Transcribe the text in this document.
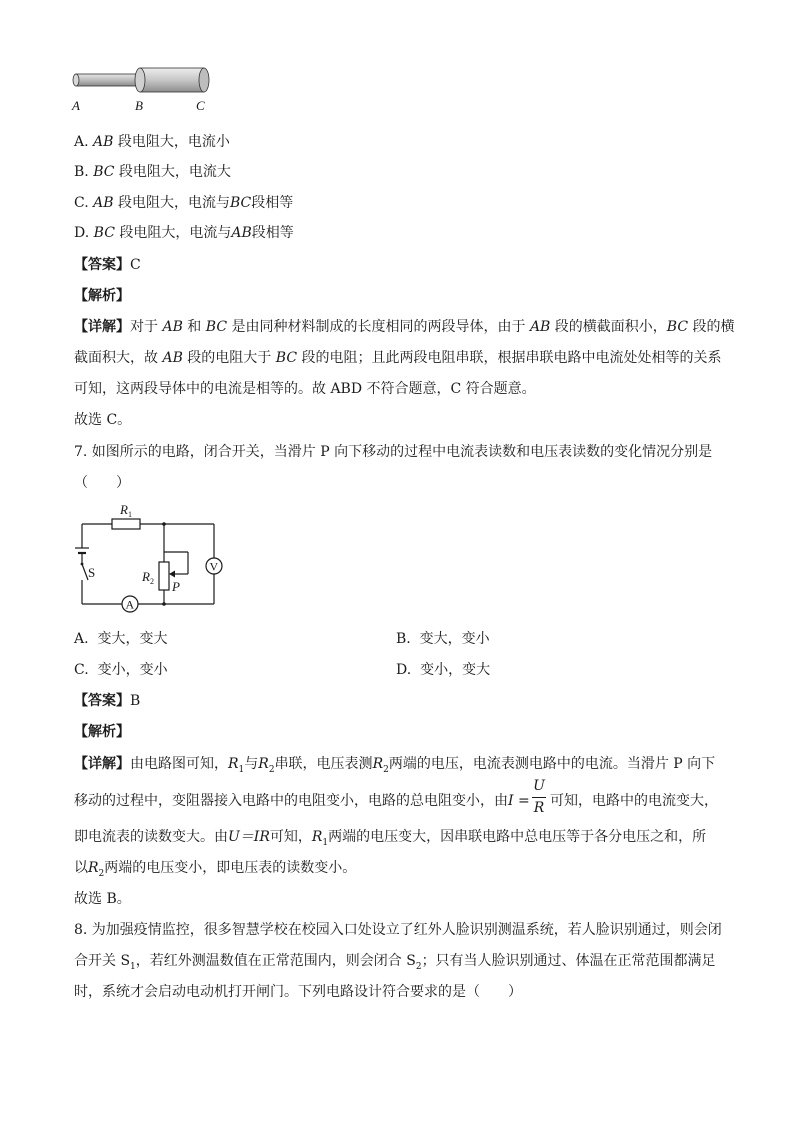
A	B	C
A. AB 段电阻大，电流小
B. BC 段电阻大，电流大
C. AB 段电阻大，电流与BC段相等
D. BC 段电阻大，电流与AB段相等
【答案】C
【解析】
【详解】对于 AB 和 BC 是由同种材料制成的长度相同的两段导体，由于 AB 段的横截面积小，BC 段的横
截面积大，故 AB 段的电阻大于 BC 段的电阻；且此两段电阻串联，根据串联电路中电流处处相等的关系
可知，这两段导体中的电流是相等的。故 ABD 不符合题意，C 符合题意。
故选 C。
7. 如图所示的电路，闭合开关，当滑片 P 向下移动的过程中电流表读数和电压表读数的变化情况分别是
（　　）
A
V
$R_1$
$R_2$
S
P
A. 变大，变大	B. 变大，变小
C. 变小，变小	D. 变小，变大
【答案】B
【解析】
【详解】由电路图可知，$R_1$与$R_2$串联，电压表测$R_2$两端的电压，电流表测电路中的电流。当滑片 P 向下
移动的过程中，变阻器接入电路中的电阻变小，电路的总电阻变小，由 I =
U
R 可知，电路中的电流变大，
即电流表的读数变大。由U＝IR可知，$R_1$两端的电压变大，因串联电路中总电压等于各分电压之和，所
以$R_2$两端的电压变小，即电压表的读数变小。
故选 B。
8. 为加强疫情监控，很多智慧学校在校园入口处设立了红外人脸识别测温系统，若人脸识别通过，则会闭
合开关 $S_1$，若红外测温数值在正常范围内，则会闭合 $S_2$；只有当人脸识别通过、体温在正常范围都满足
时，系统才会启动电动机打开闸门。下列电路设计符合要求的是（　　）
